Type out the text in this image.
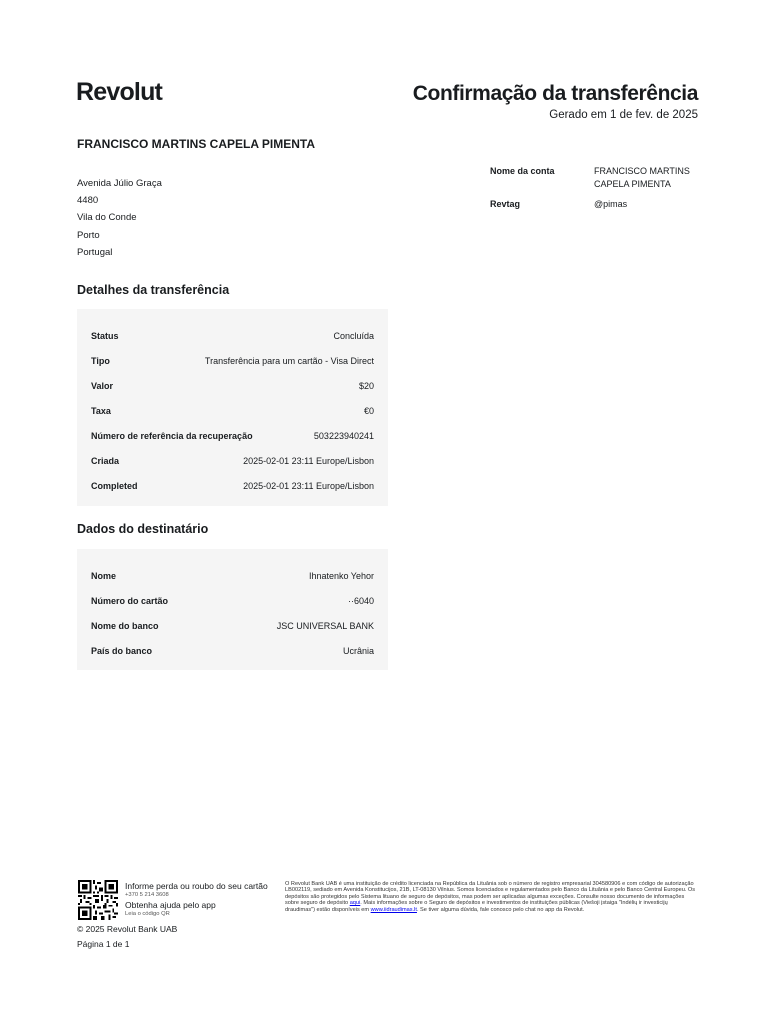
Revolut	Confirmação da transferência
Gerado em 1 de fev. de 2025
FRANCISCO MARTINS CAPELA PIMENTA
Avenida Júlio Graça
4480
Vila do Conde
Porto
Portugal
Nome da conta	FRANCISCO MARTINS CAPELA PIMENTA
Revtag	@pimas
Detalhes da transferência
Status	Concluída
Tipo	Transferência para um cartão - Visa Direct
Valor	$20
Taxa	€0
Número de referência da recuperação	503223940241
Criada	2025-02-01 23:11 Europe/Lisbon
Completed	2025-02-01 23:11 Europe/Lisbon
Dados do destinatário
Nome	Ihnatenko Yehor
Número do cartão	··6040
Nome do banco	JSC UNIVERSAL BANK
País do banco	Ucrânia
Informe perda ou roubo do seu cartão
+370 5 214 3608
Obtenha ajuda pelo app
Leia o código QR
O Revolut Bank UAB é uma instituição de crédito licenciada na República da Lituânia sob o número de registro empresarial 304580906 e com código de autorização LB002119, sediado em Avenida Konstitucijos, 21B, LT-08130 Vilnius. Somos licenciados e regulamentados pelo Banco da Lituânia e pelo Banco Central Europeu. Os depósitos são protegidos pelo Sistema lituano de seguro de depósitos, mas podem ser aplicadas algumas exceções. Consulte nosso documento de informações sobre seguro de depósito aqui. Mais informações sobre o Seguro de depósitos e investimentos de instituições públicas (Viešoji įstaiga "Indėlių ir investicijų draudimas") estão disponíveis em www.iidraudimas.lt. Se tiver alguma dúvida, fale conosco pelo chat no app da Revolut.
© 2025 Revolut Bank UAB
Página 1 de 1
